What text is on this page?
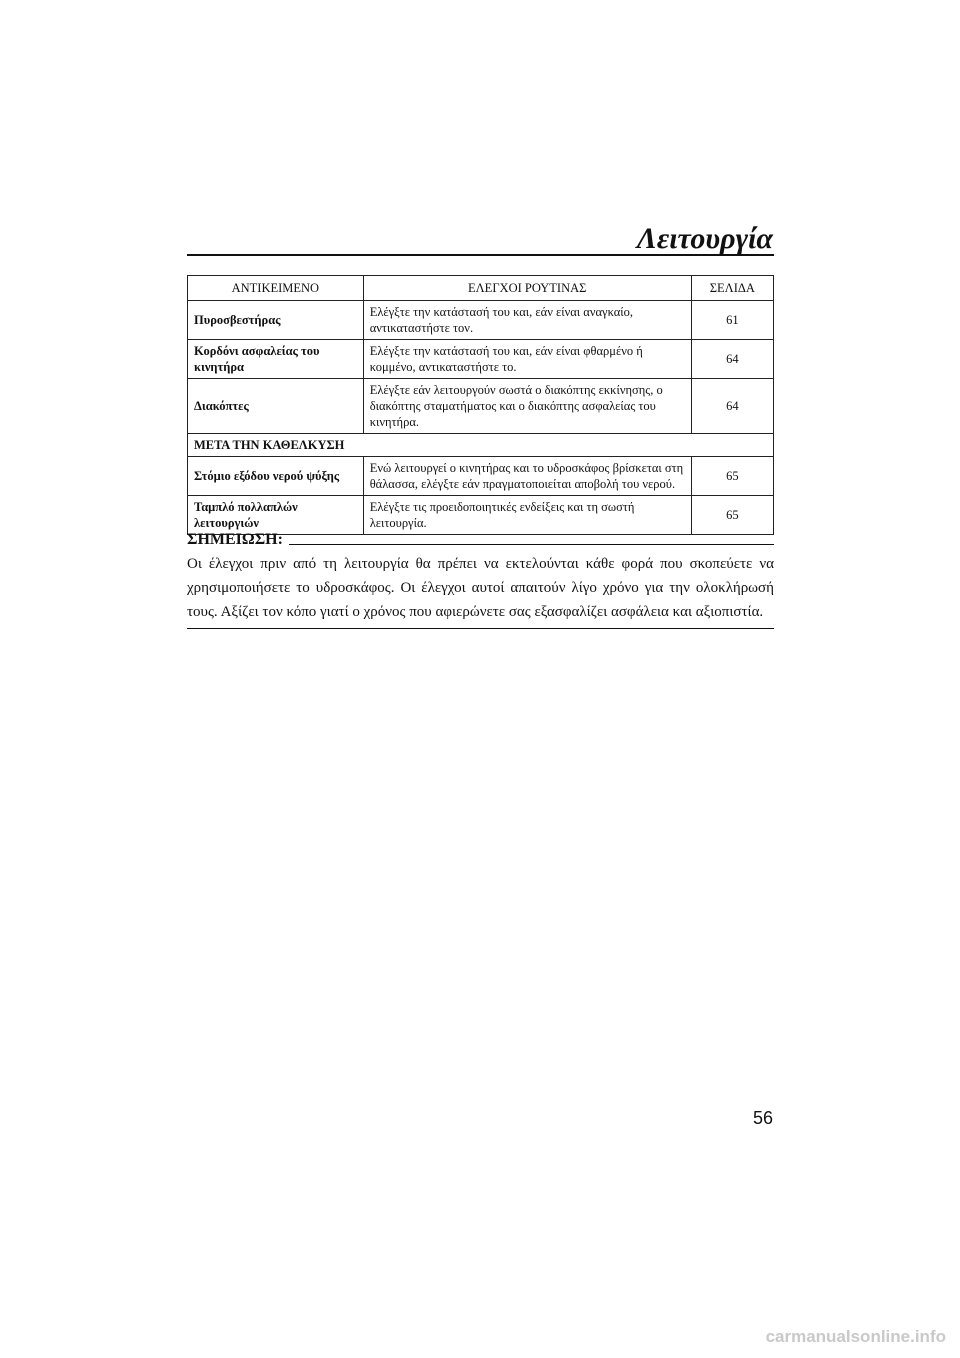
Λειτουργία
ΑΝΤΙΚΕΙΜΕΝΟ	ΕΛΕΓΧΟΙ ΡΟΥΤΙΝΑΣ	ΣΕΛΙΔΑ
Πυροσβεστήρας	Ελέγξτε την κατάστασή του και, εάν είναι αναγκαίο, αντικαταστήστε τον.	61
Κορδόνι ασφαλείας του κινητήρα	Ελέγξτε την κατάστασή του και, εάν είναι φθαρμένο ή κομμένο, αντικαταστήστε το.	64
Διακόπτες	Ελέγξτε εάν λειτουργούν σωστά ο διακόπτης εκκίνησης, ο διακόπτης σταματήματος και ο διακόπτης ασφαλείας του κινητήρα.	64
ΜΕΤΑ ΤΗΝ ΚΑΘΕΛΚΥΣΗ		
Στόμιο εξόδου νερού ψύξης	Ενώ λειτουργεί ο κινητήρας και το υδροσκάφος βρίσκεται στη θάλασσα, ελέγξτε εάν πραγματοποιείται αποβολή του νερού.	65
Ταμπλό πολλαπλών λειτουργιών	Ελέγξτε τις προειδοποιητικές ενδείξεις και τη σωστή λειτουργία.	65
ΣΗΜΕΙΩΣΗ:

Οι έλεγχοι πριν από τη λειτουργία θα πρέπει να εκτελούνται κάθε φορά που σκοπεύετε να χρησιμοποιήσετε το υδροσκάφος. Οι έλεγχοι αυτοί απαιτούν λίγο χρόνο για την ολοκλήρωσή τους. Αξίζει τον κόπο γιατί ο χρόνος που αφιερώνετε σας εξασφαλίζει ασφάλεια και αξιοπιστία.

56
carmanualsonline.info
